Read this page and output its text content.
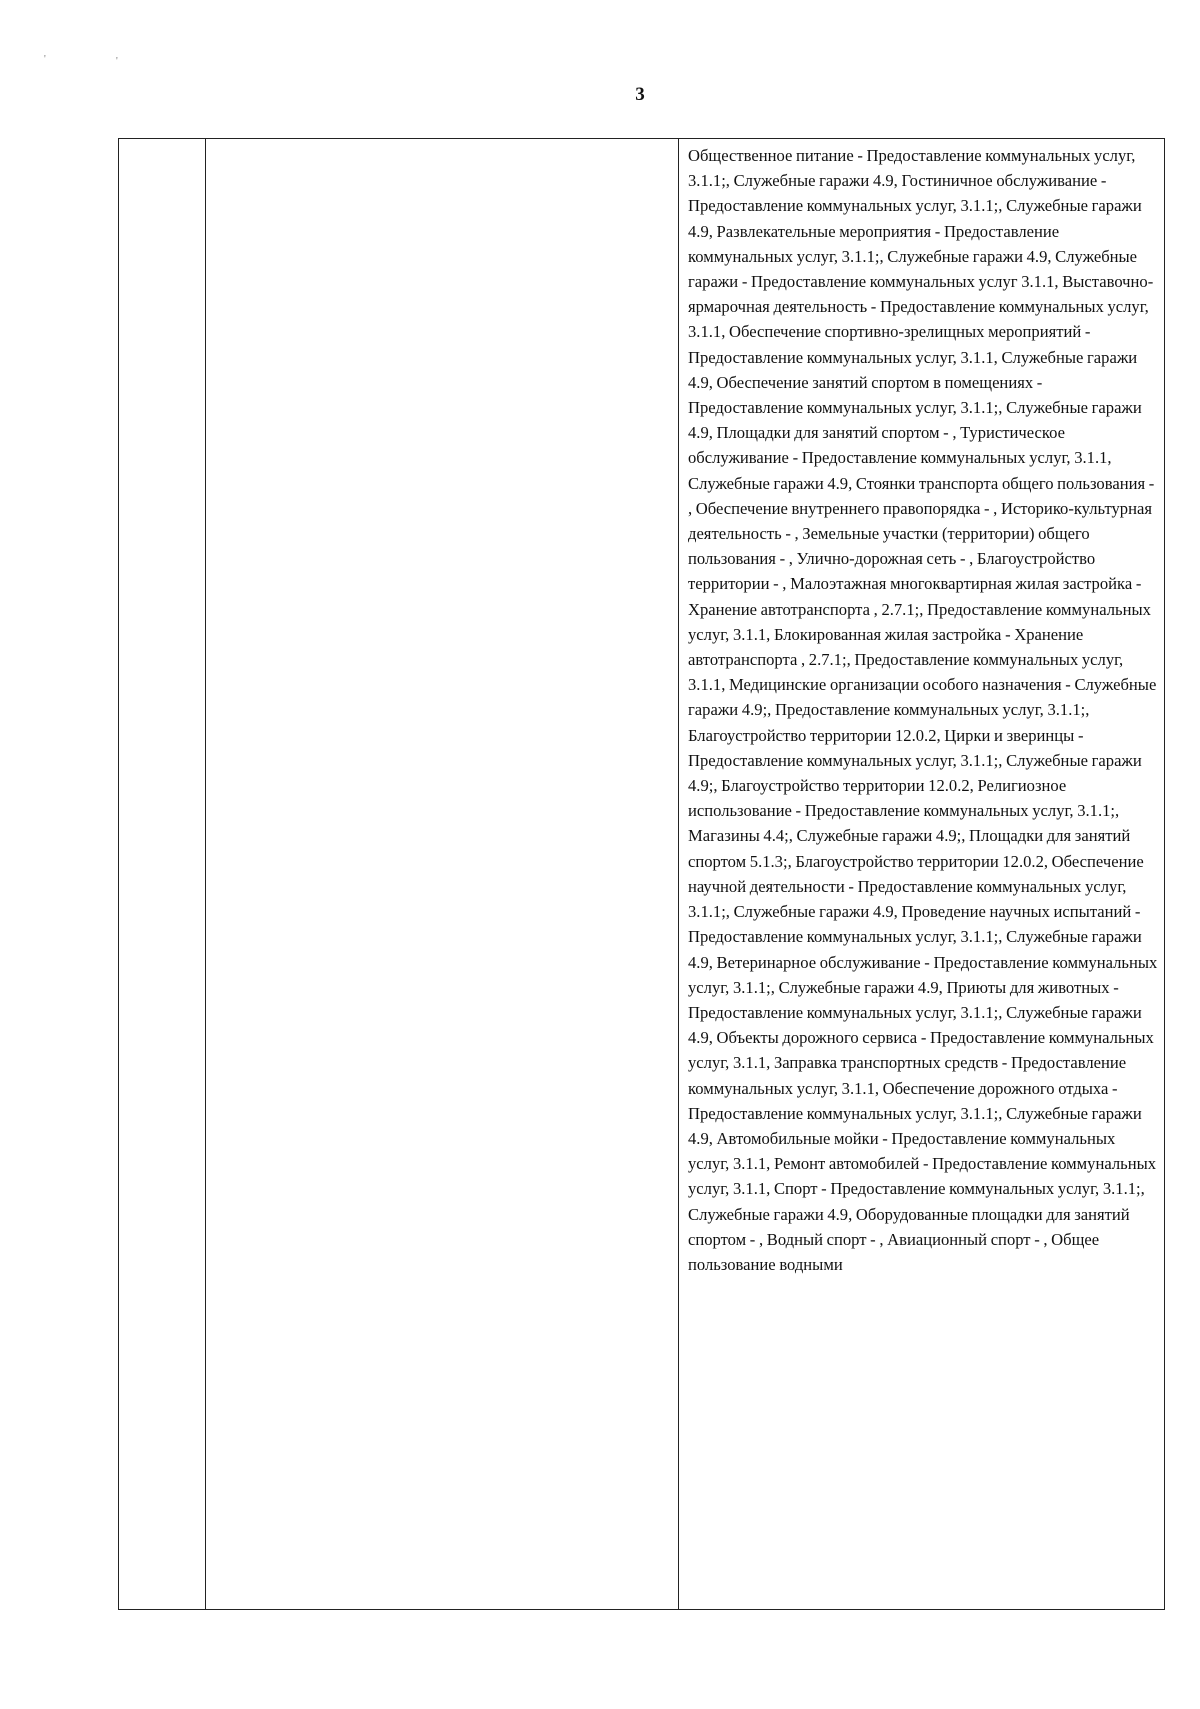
'	'
3

Общественное питание - Предоставление коммунальных услуг, 3.1.1;, Служебные гаражи 4.9, Гостиничное обслуживание - Предоставление коммунальных услуг, 3.1.1;, Служебные гаражи 4.9, Развлекательные мероприятия - Предоставление коммунальных услуг, 3.1.1;, Служебные гаражи 4.9, Служебные гаражи - Предоставление коммунальных услуг 3.1.1, Выставочно-ярмарочная деятельность - Предоставление коммунальных услуг, 3.1.1, Обеспечение спортивно-зрелищных мероприятий - Предоставление коммунальных услуг, 3.1.1, Служебные гаражи 4.9, Обеспечение занятий спортом в помещениях - Предоставление коммунальных услуг, 3.1.1;, Служебные гаражи 4.9, Площадки для занятий спортом - , Туристическое обслуживание - Предоставление коммунальных услуг, 3.1.1, Служебные гаражи 4.9, Стоянки транспорта общего пользования - , Обеспечение внутреннего правопорядка - , Историко-культурная деятельность - , Земельные участки (территории) общего пользования - , Улично-дорожная сеть - , Благоустройство территории - , Малоэтажная многоквартирная жилая застройка - Хранение автотранспорта , 2.7.1;, Предоставление коммунальных услуг, 3.1.1, Блокированная жилая застройка - Хранение автотранспорта , 2.7.1;, Предоставление коммунальных услуг, 3.1.1, Медицинские организации особого назначения - Служебные гаражи 4.9;, Предоставление коммунальных услуг, 3.1.1;, Благоустройство территории 12.0.2, Цирки и зверинцы - Предоставление коммунальных услуг, 3.1.1;, Служебные гаражи 4.9;, Благоустройство территории 12.0.2, Религиозное использование - Предоставление коммунальных услуг, 3.1.1;, Магазины 4.4;, Служебные гаражи 4.9;, Площадки для занятий спортом 5.1.3;, Благоустройство территории 12.0.2, Обеспечение научной деятельности - Предоставление коммунальных услуг, 3.1.1;, Служебные гаражи 4.9, Проведение научных испытаний - Предоставление коммунальных услуг, 3.1.1;, Служебные гаражи 4.9, Ветеринарное обслуживание - Предоставление коммунальных услуг, 3.1.1;, Служебные гаражи 4.9, Приюты для животных - Предоставление коммунальных услуг, 3.1.1;, Служебные гаражи 4.9, Объекты дорожного сервиса - Предоставление коммунальных услуг, 3.1.1, Заправка транспортных средств - Предоставление коммунальных услуг, 3.1.1, Обеспечение дорожного отдыха - Предоставление коммунальных услуг, 3.1.1;, Служебные гаражи 4.9, Автомобильные мойки - Предоставление коммунальных услуг, 3.1.1, Ремонт автомобилей - Предоставление коммунальных услуг, 3.1.1, Спорт - Предоставление коммунальных услуг, 3.1.1;, Служебные гаражи 4.9, Оборудованные площадки для занятий спортом - , Водный спорт - , Авиационный спорт - , Общее пользование водными
